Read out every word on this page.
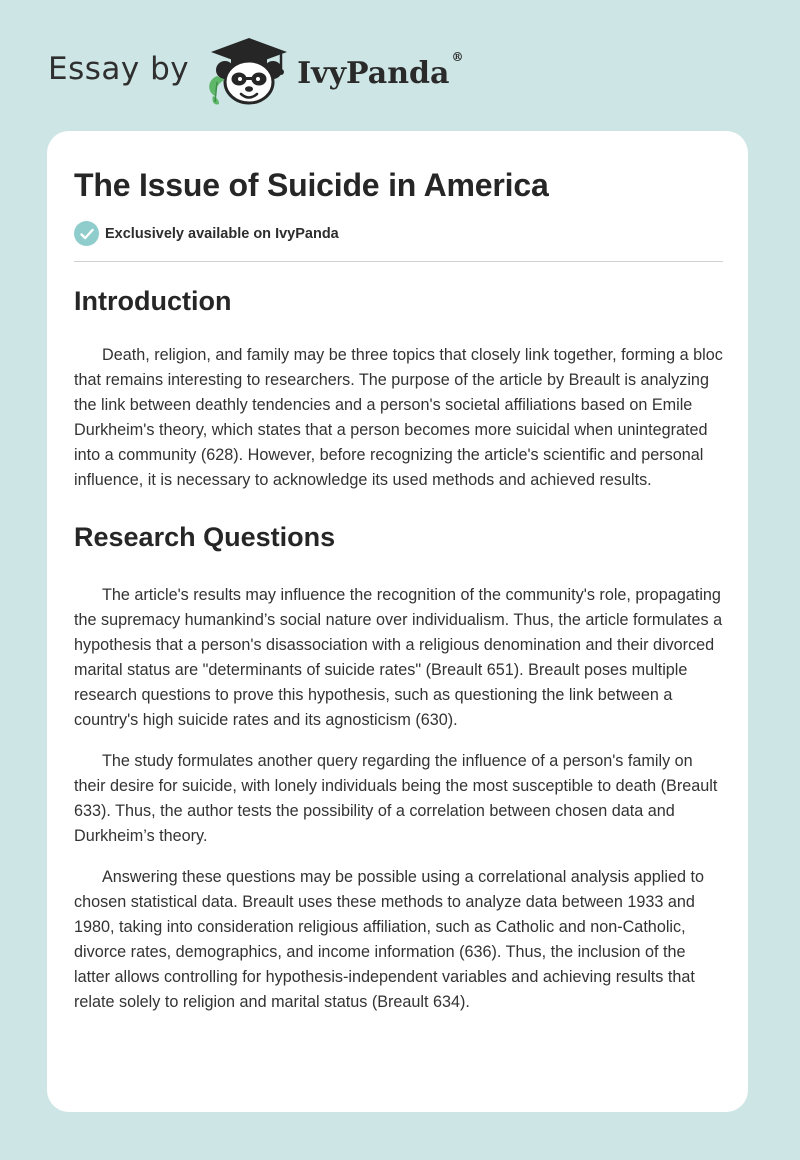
Essay by	IvyPanda ®
The Issue of Suicide in America
Exclusively available on IvyPanda
Introduction

Death, religion, and family may be three topics that closely link together, forming a bloc that remains interesting to researchers. The purpose of the article by Breault is analyzing the link between deathly tendencies and a person's societal affiliations based on Emile Durkheim's theory, which states that a person becomes more suicidal when unintegrated into a community (628). However, before recognizing the article's scientific and personal influence, it is necessary to acknowledge its used methods and achieved results.

Research Questions

The article's results may influence the recognition of the community's role, propagating the supremacy humankind’s social nature over individualism. Thus, the article formulates a hypothesis that a person's disassociation with a religious denomination and their divorced marital status are "determinants of suicide rates" (Breault 651). Breault poses multiple research questions to prove this hypothesis, such as questioning the link between a country's high suicide rates and its agnosticism (630).

The study formulates another query regarding the influence of a person's family on their desire for suicide, with lonely individuals being the most susceptible to death (Breault 633). Thus, the author tests the possibility of a correlation between chosen data and Durkheim’s theory.

Answering these questions may be possible using a correlational analysis applied to chosen statistical data. Breault uses these methods to analyze data between 1933 and 1980, taking into consideration religious affiliation, such as Catholic and non-Catholic, divorce rates, demographics, and income information (636). Thus, the inclusion of the latter allows controlling for hypothesis-independent variables and achieving results that relate solely to religion and marital status (Breault 634).
